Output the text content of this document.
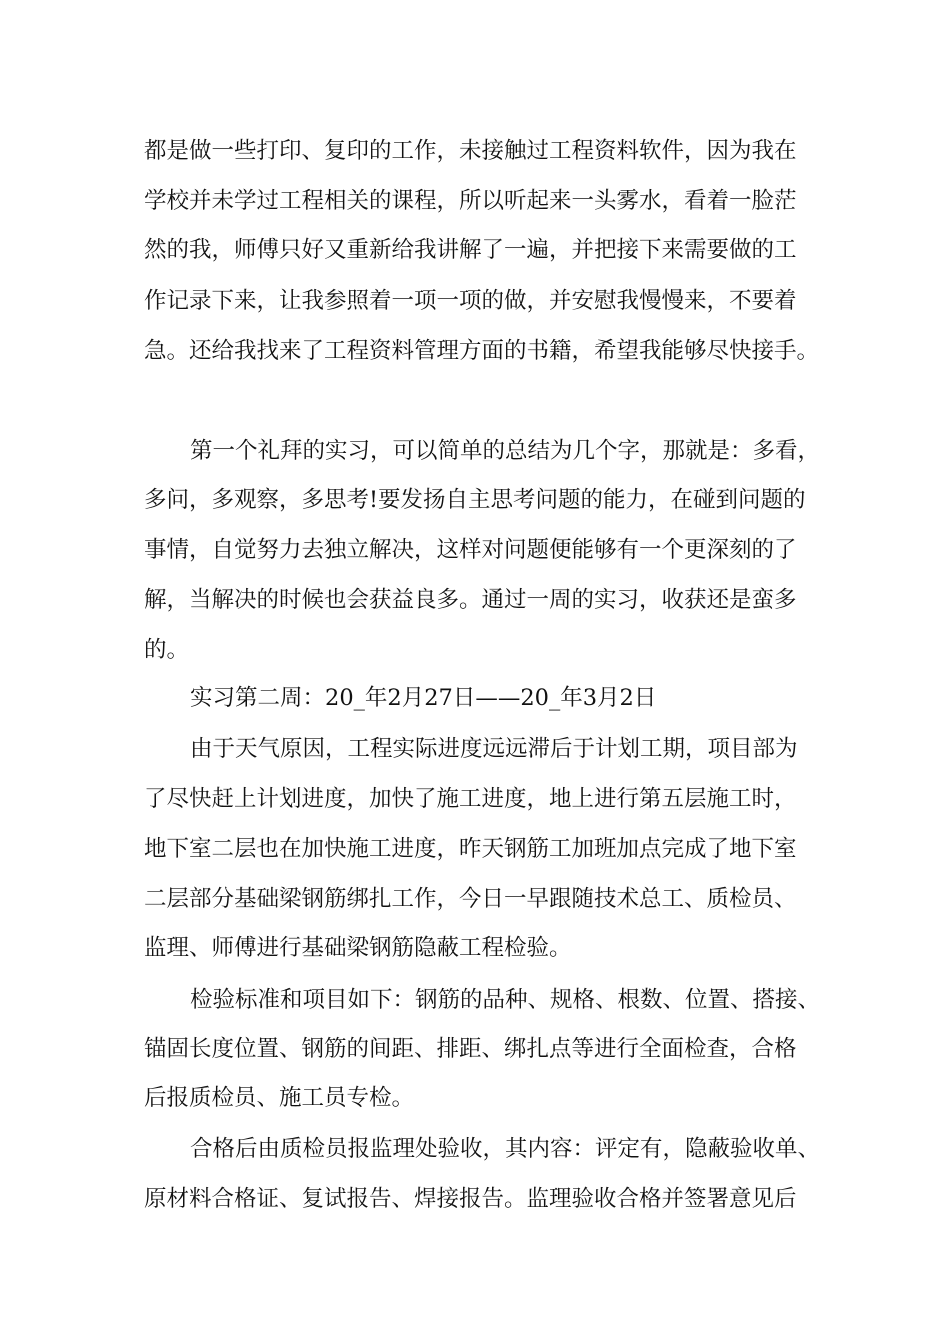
都是做一些打印、复印的工作，未接触过工程资料软件，因为我在
学校并未学过工程相关的课程，所以听起来一头雾水，看着一脸茫
然的我，师傅只好又重新给我讲解了一遍，并把接下来需要做的工
作记录下来，让我参照着一项一项的做，并安慰我慢慢来，不要着
急。还给我找来了工程资料管理方面的书籍，希望我能够尽快接手。
第一个礼拜的实习，可以简单的总结为几个字，那就是：多看，
多问，多观察，多思考!要发扬自主思考问题的能力，在碰到问题的
事情，自觉努力去独立解决，这样对问题便能够有一个更深刻的了
解，当解决的时候也会获益良多。通过一周的实习，收获还是蛮多
的。
实习第二周：20_年2月27日——20_年3月2日
由于天气原因，工程实际进度远远滞后于计划工期，项目部为
了尽快赶上计划进度，加快了施工进度，地上进行第五层施工时，
地下室二层也在加快施工进度，昨天钢筋工加班加点完成了地下室
二层部分基础梁钢筋绑扎工作，今日一早跟随技术总工、质检员、
监理、师傅进行基础梁钢筋隐蔽工程检验。
检验标准和项目如下：钢筋的品种、规格、根数、位置、搭接、
锚固长度位置、钢筋的间距、排距、绑扎点等进行全面检查，合格
后报质检员、施工员专检。
合格后由质检员报监理处验收，其内容：评定有，隐蔽验收单、
原材料合格证、复试报告、焊接报告。监理验收合格并签署意见后
